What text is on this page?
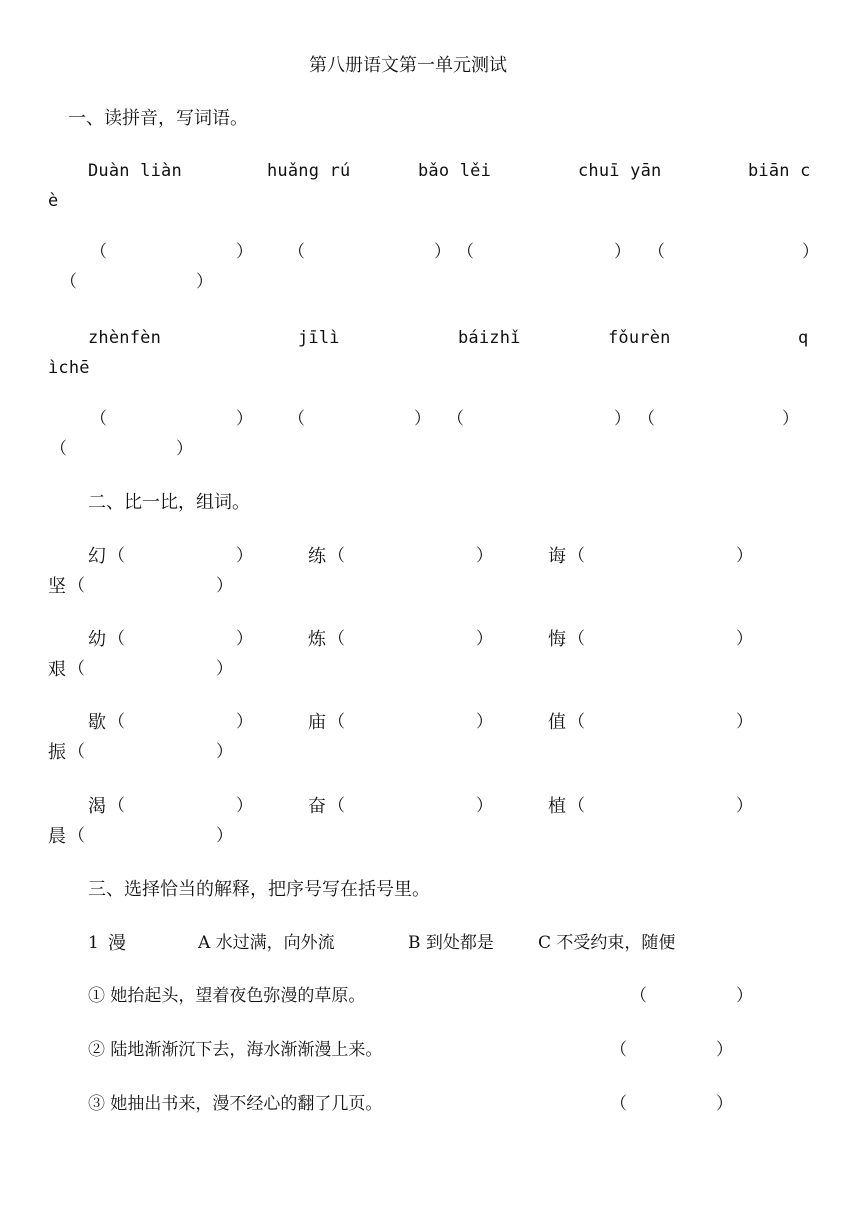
第八册语文第一单元测试
一、读拼音，写词语。
Duàn liàn	huǎng rú	bǎo lěi	chuī yān	biān c
è
（	） （	） （	） （	）
（	）
zhènfèn	jīlì	báizhǐ	fǒurèn	q
ìchē
（	） （	） （	） （	）
（	）
二、比一比，组词。
幻 （	）	练 （	）	诲 （	）
坚 （	）
幼 （	）	炼 （	）	悔 （	）
艰 （	）
歇 （	）	庙 （	）	值 （	）
振 （	）
渴 （	）	奋 （	）	植 （	）
晨 （	）
三、选择恰当的解释，把序号写在括号里。
1 漫	A 水过满，向外流	B 到处都是	C 不受约束，随便
① 她抬起头，望着夜色弥漫的草原。	（	）
② 陆地渐渐沉下去，海水渐渐漫上来。	（	）
③ 她抽出书来，漫不经心的翻了几页。	（	）
